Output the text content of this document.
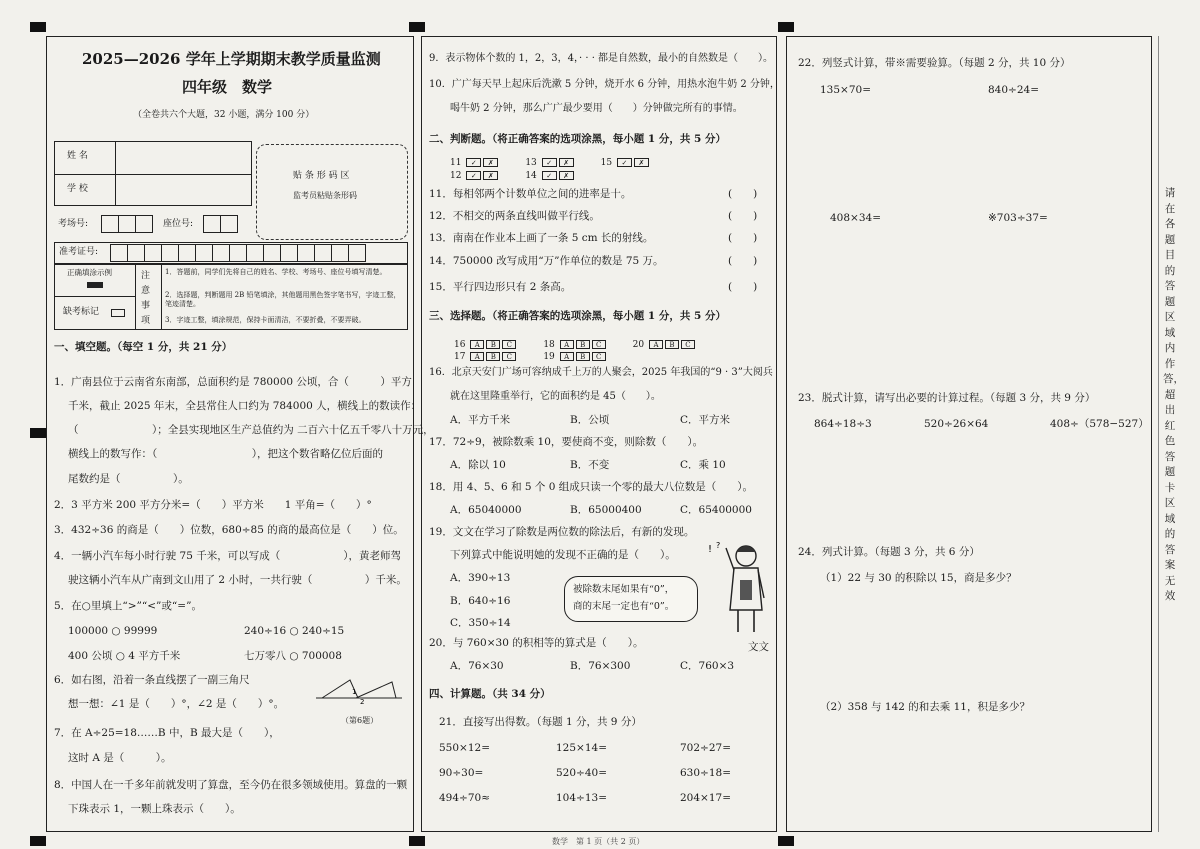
2025—2026 学年上学期期末教学质量监测
四年级　数学
（全卷共六个大题，32 小题，满分 100 分）
姓 名
学 校
贴 条 形 码 区
监考员粘贴条形码
考场号:	座位号:
准考证号:
正确填涂示例
缺考标记
注 意 事 项
1．答题前，同学们先将自己的姓名、学校、考场号、座位号填写清楚。
2．选择题，判断题用 2B 铅笔填涂，其他题用黑色签字笔书写，字迹工整，笔迹清楚。
3．字迹工整，填涂规范，保持卡面清洁，不要折叠，不要弄破。
一、填空题。（每空 1 分，共 21 分）
1．广南县位于云南省东南部，总面积约是 780000 公顷，合（　　　）平方
千米，截止 2025 年末，全县常住人口约为 784000 人，横线上的数读作：
（　　　　　　　）；全县实现地区生产总值约为 二百六十亿五千零八十万元，
横线上的数写作：（　　　　　　　　　），把这个数省略亿位后面的
尾数约是（　　　　　）。
2．3 平方米 200 平方分米=（　　）平方米　　1 平角=（　　）°
3．432÷36 的商是（　　）位数，680÷85 的商的最高位是（　　）位。
4．一辆小汽车每小时行驶 75 千米，可以写成（　　　　　　），黄老师驾
驶这辆小汽车从广南到文山用了 2 小时，一共行驶（　　　　　）千米。
5．在○里填上“>”“<”或“=”。
100000 ○ 99999	240÷16 ○ 240÷15
400 公顷 ○ 4 平方千米	七万零八 ○ 700008
6．如右图，沿着一条直线摆了一副三角尺
想一想：∠1 是（　　）°，∠2 是（　　）°。
1
2
（第6题）
7．在 A÷25=18……B 中，B 最大是（　　），
这时 A 是（　　　）。
8．中国人在一千多年前就发明了算盘，至今仍在很多领域使用。算盘的一颗
下珠表示 1，一颗上珠表示（　　）。
9．表示物体个数的 1，2，3，4，· · · 都是自然数，最小的自然数是（　　）。
10．广广每天早上起床后洗漱 5 分钟，烧开水 6 分钟，用热水泡牛奶 2 分钟，
喝牛奶 2 分钟，那么广广最少要用（　　）分钟做完所有的事情。
二、判断题。（将正确答案的选项涂黑，每小题 1 分，共 5 分）
11 ✓ ✗　　　13 ✓ ✗　　　15 ✓ ✗
12 ✓ ✗　　　14 ✓ ✗
11．每相邻两个计数单位之间的进率是十。	(　　)
12．不相交的两条直线叫做平行线。	(　　)
13．南南在作业本上画了一条 5 cm 长的射线。	(　　)
14．750000 改写成用“万”作单位的数是 75 万。	(　　)
15．平行四边形只有 2 条高。	(　　)
三、选择题。（将正确答案的选项涂黑，每小题 1 分，共 5 分）
16 A B C　　　18 A B C　　　20 A B C
17 A B C　　　19 A B C
16．北京天安门广场可容纳成千上万的人聚会，2025 年我国的“9 · 3”大阅兵
就在这里隆重举行，它的面积约是 45（　　）。
A．平方千米	B．公顷	C．平方米
17．72÷9，被除数乘 10，要使商不变，则除数（　　）。
A．除以 10	B．不变	C．乘 10
18．用 4、5、6 和 5 个 0 组成只读一个零的最大八位数是（　　）。
A．65040000	B．65000400	C．65400000
19．文文在学习了除数是两位数的除法后，有新的发现。
下列算式中能说明她的发现不正确的是（　　）。
A．390÷13
B．640÷16
C．350÷14
被除数末尾如果有“0”，
商的末尾一定也有“0”。
! ?
文文
20．与 760×30 的积相等的算式是（　　）。
A．76×30	B．76×300	C．760×3
四、计算题。（共 34 分）
21．直接写出得数。（每题 1 分，共 9 分）
550×12=	125×14=	702÷27=
90÷30=	520÷40=	630÷18=
494÷70≈	104÷13=	204×17=
数学　第 1 页（共 2 页）
22．列竖式计算，带※需要验算。（每题 2 分，共 10 分）
135×70=	840÷24=
408×34=	※703÷37=
23．脱式计算，请写出必要的计算过程。（每题 3 分，共 9 分）
864÷18÷3	520÷26×64	408÷（578−527）
24．列式计算。（每题 3 分，共 6 分）
（1）22 与 30 的积除以 15，商是多少？
（2）358 与 142 的和去乘 11，积是多少？
请在各题目的答题区域内作答，超出红色答题卡区域的答案无效
